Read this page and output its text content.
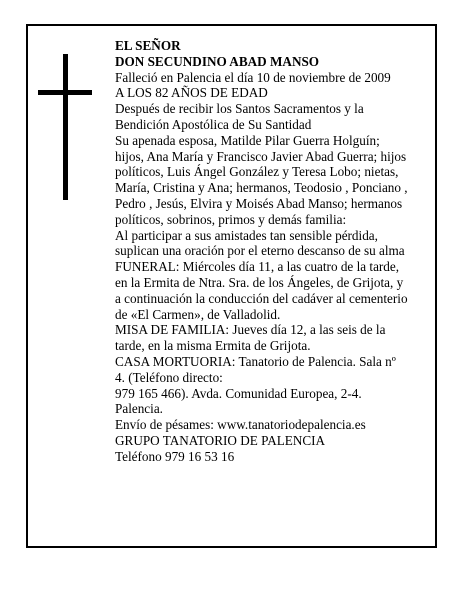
EL SEÑOR
DON SECUNDINO ABAD MANSO
Falleció en Palencia el día 10 de noviembre de 2009
A LOS 82 AÑOS DE EDAD
Después de recibir los Santos Sacramentos y la
Bendición Apostólica de Su Santidad
Su apenada esposa, Matilde Pilar Guerra Holguín;
hijos, Ana María y Francisco Javier Abad Guerra; hijos
políticos, Luis Ángel González y Teresa Lobo; nietas,
María, Cristina y Ana; hermanos, Teodosio , Ponciano ,
Pedro , Jesús, Elvira y Moisés Abad Manso; hermanos
políticos, sobrinos, primos y demás familia:
Al participar a sus amistades tan sensible pérdida,
suplican una oración por el eterno descanso de su alma
FUNERAL: Miércoles día 11, a las cuatro de la tarde,
en la Ermita de Ntra. Sra. de los Ángeles, de Grijota, y
a continuación la conducción del cadáver al cementerio
de «El Carmen», de Valladolid.
MISA DE FAMILIA: Jueves día 12, a las seis de la
tarde, en la misma Ermita de Grijota.
CASA MORTUORIA: Tanatorio de Palencia. Sala nº
4. (Teléfono directo:
979 165 466). Avda. Comunidad Europea, 2-4.
Palencia.
Envío de pésames: www.tanatoriodepalencia.es
GRUPO TANATORIO DE PALENCIA
Teléfono 979 16 53 16
